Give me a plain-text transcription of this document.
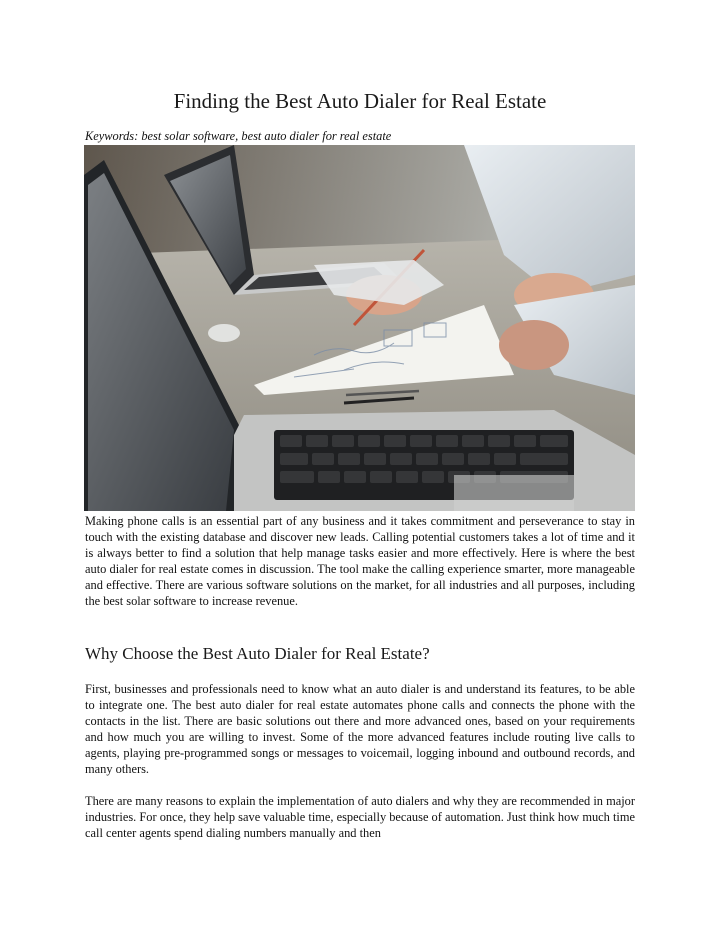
Finding the Best Auto Dialer for Real Estate
Keywords: best solar software, best auto dialer for real estate

Making phone calls is an essential part of any business and it takes commitment and perseverance to stay in touch with the existing database and discover new leads. Calling potential customers takes a lot of time and it is always better to find a solution that help manage tasks easier and more effectively. Here is where the best auto dialer for real estate comes in discussion. The tool make the calling experience smarter, more manageable and effective. There are various software solutions on the market, for all industries and all purposes, including the best solar software to increase revenue.

Why Choose the Best Auto Dialer for Real Estate?

First, businesses and professionals need to know what an auto dialer is and understand its features, to be able to integrate one. The best auto dialer for real estate automates phone calls and connects the phone with the contacts in the list. There are basic solutions out there and more advanced ones, based on your requirements and how much you are willing to invest. Some of the more advanced features include routing live calls to agents, playing pre-programmed songs or messages to voicemail, logging inbound and outbound records, and many others.

There are many reasons to explain the implementation of auto dialers and why they are recommended in major industries. For once, they help save valuable time, especially because of automation. Just think how much time call center agents spend dialing numbers manually and then
